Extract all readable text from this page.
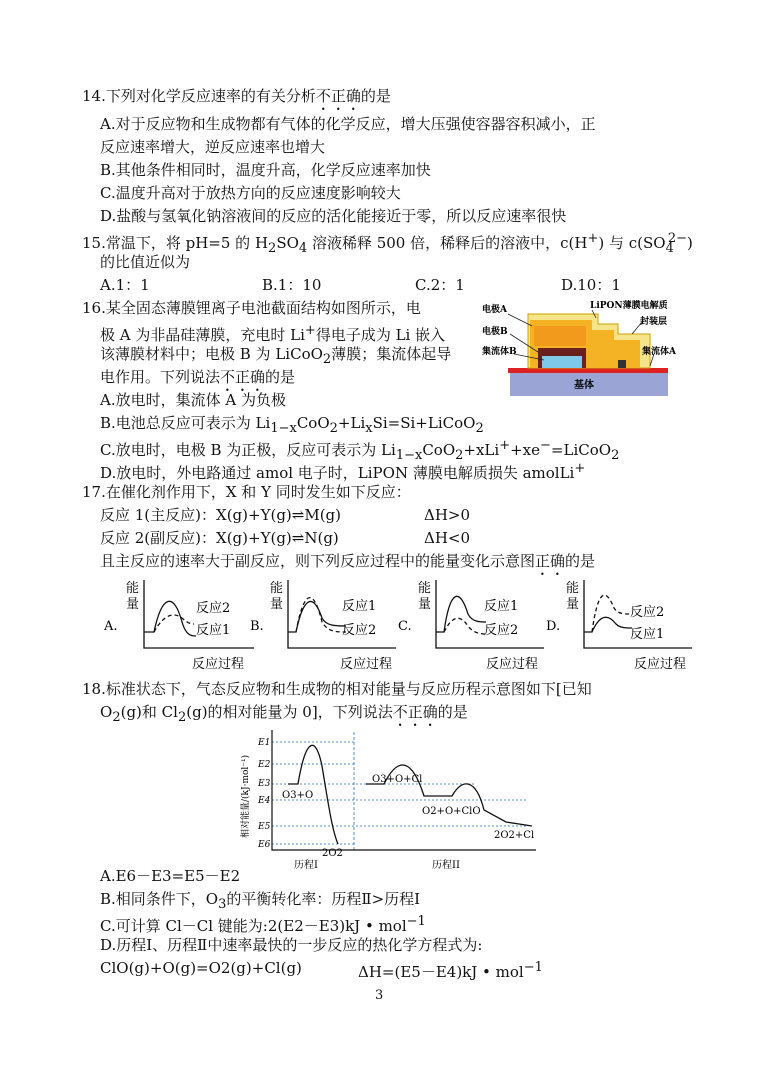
14.下列对化学反应速率的有关分析不正确的是
A.对于反应物和生成物都有气体的化学反应，增大压强使容器容积减小，正
反应速率增大，逆反应速率也增大
B.其他条件相同时，温度升高，化学反应速率加快
C.温度升高对于放热方向的反应速度影响较大
D.盐酸与氢氧化钠溶液间的反应的活化能接近于零，所以反应速率很快
15.常温下，将 pH=5 的 $H_2SO_4$ 溶液稀释 500 倍，稀释后的溶液中，c(H+) 与 $c(SO_4^{2-})$
的比值近似为
A.1：1	B.1：10	C.2：1	D.10：1
16.某全固态薄膜锂离子电池截面结构如图所示，电
极 A 为非晶硅薄膜，充电时 Li+得电子成为 Li 嵌入
该薄膜材料中；电极 B 为 LiCoO$_2$薄膜；集流体起导
电作用。下列说法不正确的是
A.放电时，集流体 A 为负极
B.电池总反应可表示为 $Li_{1-x}CoO_2+Li_xSi=Si+LiCoO_2$
C.放电时，电极 B 为正极，反应可表示为 $Li_{1-x}CoO_2+xLi^++xe^-=LiCoO_2$
D.放电时，外电路通过 amol 电子时，LiPON 薄膜电解质损失 amolLi+
电极A
电极B
集流体B
LiPON薄膜电解质
封装层
集流体A
基体
17.在催化剂作用下，X 和 Y 同时发生如下反应：
反应 1(主反应)：X(g)+Y(g)⇌M(g)	ΔH>0
反应 2(副反应)：X(g)+Y(g)⇌N(g)	ΔH<0
且主反应的速率大于副反应，则下列反应过程中的能量变化示意图正确的是
A.
能
量	反应2
反应1
反应过程
B.
能
量	反应1
反应2
反应过程
C.
能
量	反应1
反应2
反应过程
D.
能
量
反应2
反应1
反应过程
18.标准状态下，气态反应物和生成物的相对能量与反应历程示意图如下[已知
$O_2(g)$和 $Cl_2(g)$的相对能量为 0]，下列说法不正确的是
E1
E2
E3
E4
E5
E6
相对能量/(kJ·mol⁻¹)	O3+O
O3+O+Cl
O2+O+ClO
2O2
2O2+Cl
历程I	历程II
A.E6－E3=E5－E2
B.相同条件下，$O_3$的平衡转化率：历程Ⅱ>历程Ⅰ
C.可计算 Cl－Cl 键能为:2(E2－E3)kJ • mol$^{-1}$
D.历程Ⅰ、历程Ⅱ中速率最快的一步反应的热化学方程式为:
ClO(g)+O(g)=O2(g)+Cl(g)	ΔH=(E5－E4)kJ • mol$^{-1}$
3
